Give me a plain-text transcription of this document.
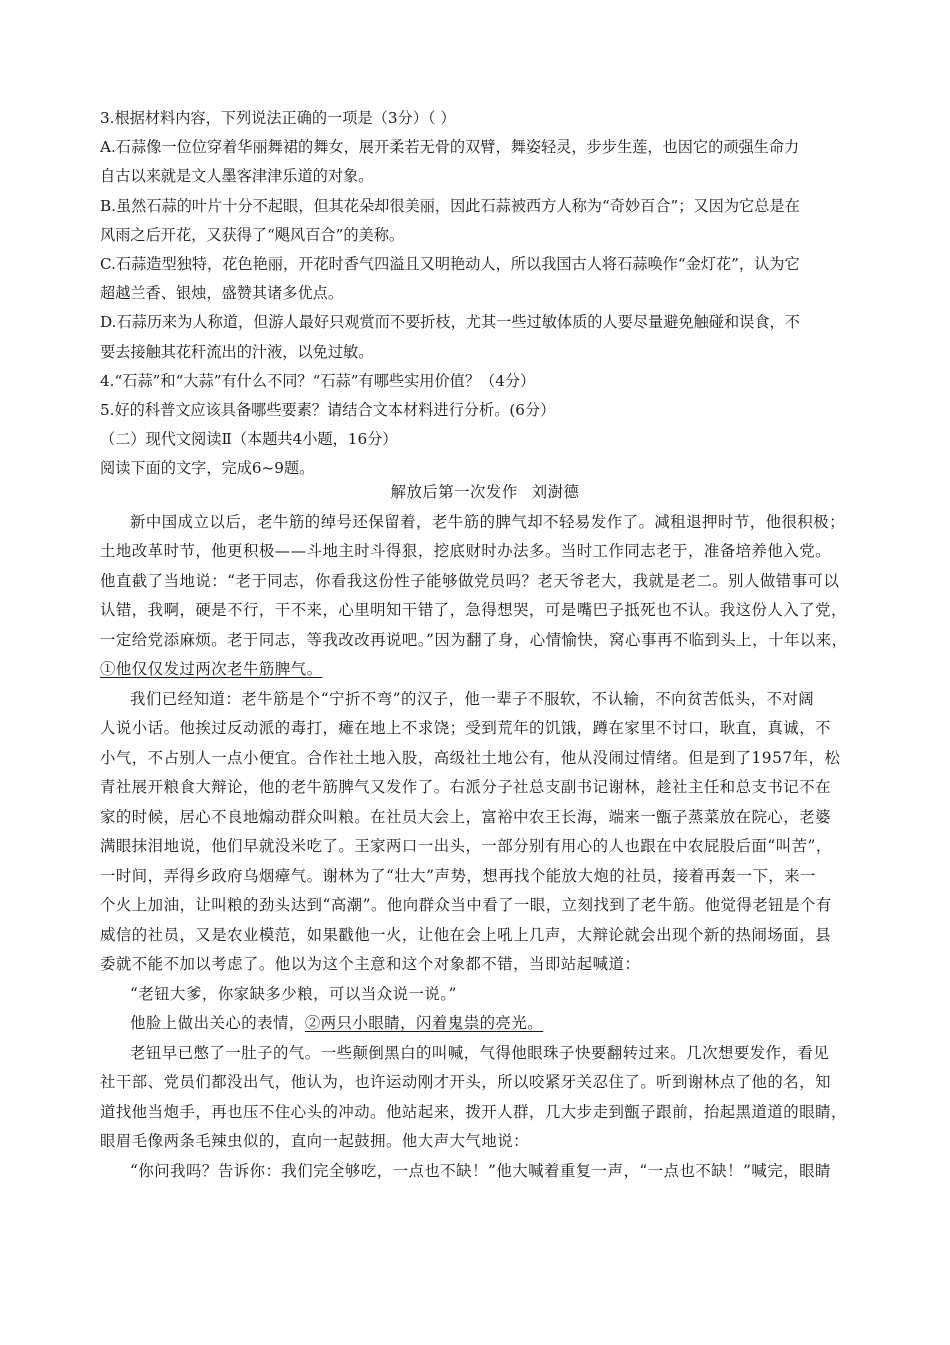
3.根据材料内容，下列说法正确的一项是（3分）（ ）
A.石蒜像一位位穿着华丽舞裙的舞女，展开柔若无骨的双臂，舞姿轻灵，步步生莲，也因它的顽强生命力
自古以来就是文人墨客津津乐道的对象。
B.虽然石蒜的叶片十分不起眼，但其花朵却很美丽，因此石蒜被西方人称为“奇妙百合”；又因为它总是在
风雨之后开花，又获得了“飓风百合”的美称。
C.石蒜造型独特，花色艳丽，开花时香气四溢且又明艳动人，所以我国古人将石蒜唤作“金灯花”，认为它
超越兰香、银烛，盛赞其诸多优点。
D.石蒜历来为人称道，但游人最好只观赏而不要折枝，尤其一些过敏体质的人要尽量避免触碰和误食，不
要去接触其花秆流出的汁液，以免过敏。
4.“石蒜”和“大蒜”有什么不同？“石蒜”有哪些实用价值？（4分）
5.好的科普文应该具备哪些要素？请结合文本材料进行分析。(6分）
（二）现代文阅读Ⅱ（本题共4小题，16分）
阅读下面的文字，完成6~9题。
解放后第一次发作 刘澍德
新中国成立以后，老牛筋的绰号还保留着，老牛筋的脾气却不轻易发作了。减租退押时节，他很积极；
土地改革时节，他更积极——斗地主时斗得狠，挖底财时办法多。当时工作同志老于，准备培养他入党。
他直截了当地说：“老于同志，你看我这份性子能够做党员吗？老天爷老大，我就是老二。别人做错事可以
认错，我啊，硬是不行，干不来，心里明知干错了，急得想哭，可是嘴巴子抵死也不认。我这份人入了党，
一定给党添麻烦。老于同志，等我改改再说吧。”因为翻了身，心情愉快，窝心事再不临到头上，十年以来，
①他仅仅发过两次老牛筋脾气。
我们已经知道：老牛筋是个“宁折不弯”的汉子，他一辈子不服软，不认输，不向贫苦低头，不对阔
人说小话。他挨过反动派的毒打，瘫在地上不求饶；受到荒年的饥饿，蹲在家里不讨口，耿直，真诚，不
小气，不占别人一点小便宜。合作社土地入股，高级社土地公有，他从没闹过情绪。但是到了1957年，松
青社展开粮食大辩论，他的老牛筋脾气又发作了。右派分子社总支副书记谢林，趁社主任和总支书记不在
家的时候，居心不良地煽动群众叫粮。在社员大会上，富裕中农王长海，端来一甑子蒸菜放在院心，老婆
满眼抹泪地说，他们早就没米吃了。王家两口一出头，一部分别有用心的人也跟在中农屁股后面“叫苦”，
一时间，弄得乡政府乌烟瘴气。谢林为了“壮大”声势，想再找个能放大炮的社员，接着再轰一下，来一
个火上加油，让叫粮的劲头达到“高潮”。他向群众当中看了一眼，立刻找到了老牛筋。他觉得老钮是个有
威信的社员，又是农业模范，如果戳他一火，让他在会上吼上几声，大辩论就会出现个新的热闹场面，县
委就不能不加以考虑了。他以为这个主意和这个对象都不错，当即站起喊道：
“老钮大爹，你家缺多少粮，可以当众说一说。”
他脸上做出关心的表情，②两只小眼睛，闪着鬼祟的亮光。
老钮早已憋了一肚子的气。一些颠倒黑白的叫喊，气得他眼珠子快要翻转过来。几次想要发作，看见
社干部、党员们都没出气，他认为，也许运动刚才开头，所以咬紧牙关忍住了。听到谢林点了他的名，知
道找他当炮手，再也压不住心头的冲动。他站起来，拨开人群，几大步走到甑子跟前，抬起黑道道的眼睛，
眼眉毛像两条毛辣虫似的，直向一起鼓拥。他大声大气地说：
“你问我吗？告诉你：我们完全够吃，一点也不缺！”他大喊着重复一声，“一点也不缺！”喊完，眼睛
